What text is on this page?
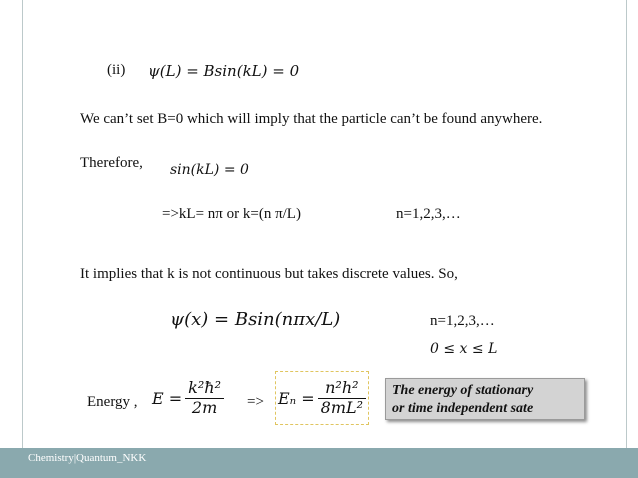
(ii) ψ(L) = Bsin(kL) = 0
We can’t set B=0 which will imply that the particle can’t be found anywhere.
Therefore, sin(kL) = 0
=>kL= nπ or k=(n π/L)	n=1,2,3,…
It implies that k is not continuous but takes discrete values. So,
ψ(x) = Bsin(nπx/L)	n=1,2,3,…
0 ≤ x ≤ L
Energy , $E = \frac{\text{k²ħ²}}{2m} => E_n = \frac{\text{n²h²}}{\text{8mL²}}$ The energy of stationary
or time independent sate
Chemistry|Quantum_NKK
